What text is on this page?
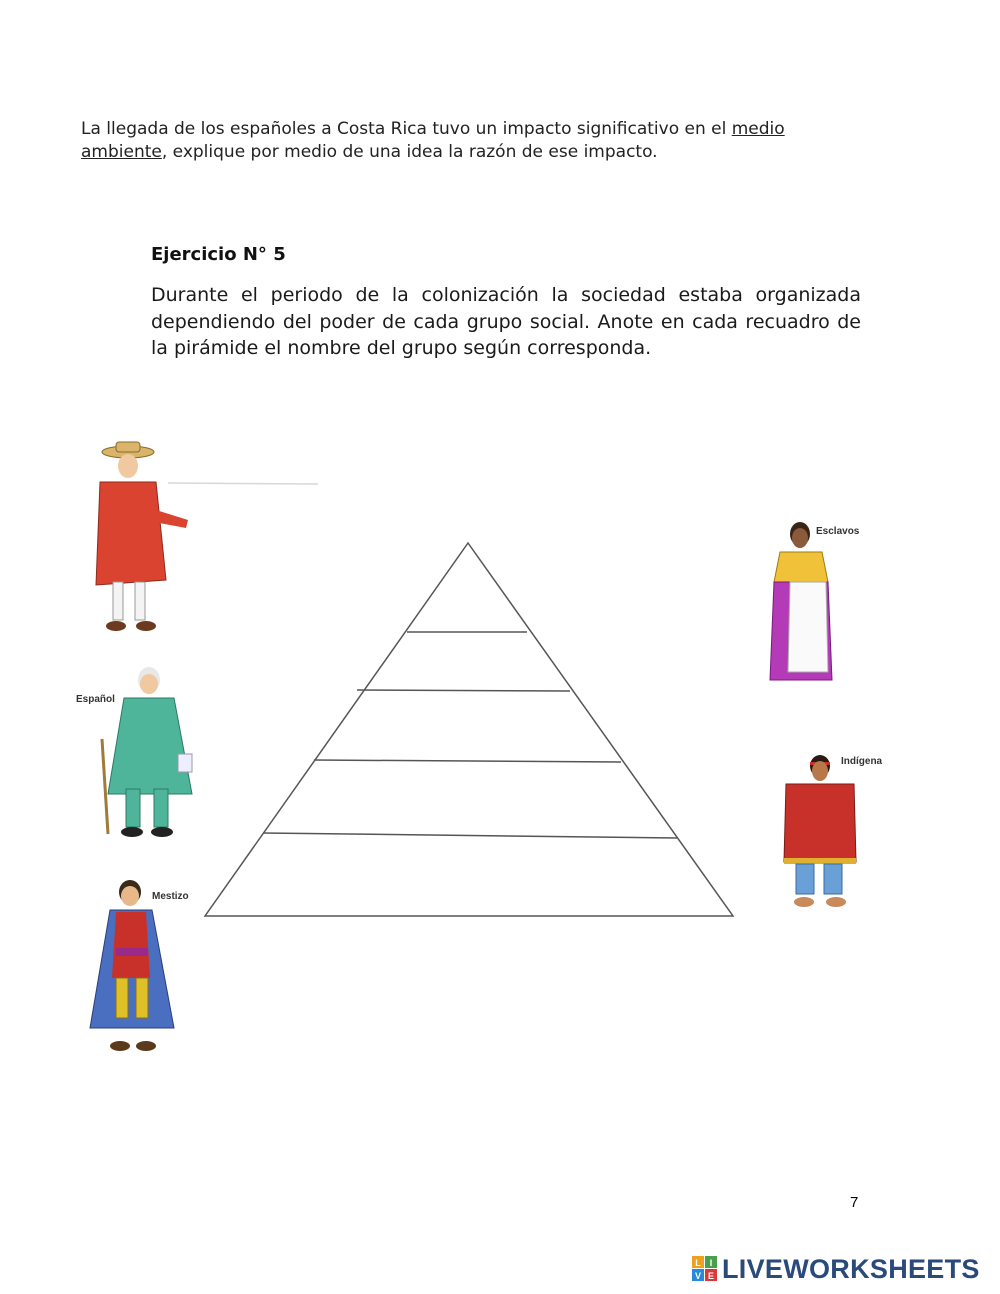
La llegada de los españoles a Costa Rica tuvo un impacto significativo en el medio ambiente, explique por medio de una idea la razón de ese impacto.

Ejercicio N° 5

Durante el periodo de la colonización la sociedad estaba organizada dependiendo del poder de cada grupo social. Anote en cada recuadro de la pirámide el nombre del grupo según corresponda.

Español
Mestizo
Esclavos
Indígena
7
L I
V E LIVEWORKSHEETS
